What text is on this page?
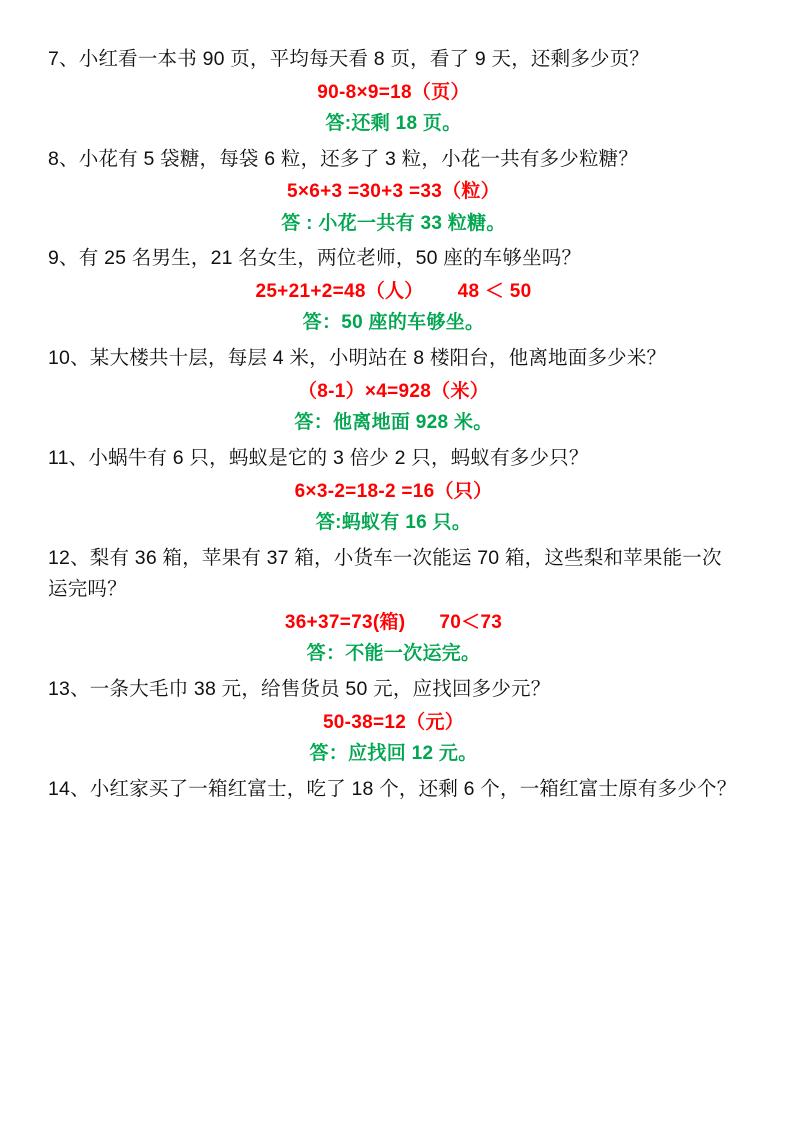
7、小红看一本书 90 页，平均每天看 8 页，看了 9 天，还剩多少页？

90-8×9=18（页）

答:还剩 18 页。

8、小花有 5 袋糖，每袋 6 粒，还多了 3 粒，小花一共有多少粒糖？

5×6+3 =30+3 =33（粒）

答 : 小花一共有 33 粒糖。

9、有 25 名男生，21 名女生，两位老师，50 座的车够坐吗？

25+21+2=48（人） 48 ＜ 50

答：50 座的车够坐。

10、某大楼共十层，每层 4 米，小明站在 8 楼阳台，他离地面多少米？

（8-1）×4=928（米）

答：他离地面 928 米。

11、小蜗牛有 6 只，蚂蚁是它的 3 倍少 2 只，蚂蚁有多少只？

6×3-2=18-2 =16（只）

答:蚂蚁有 16 只。

12、梨有 36 箱，苹果有 37 箱，小货车一次能运 70 箱，这些梨和苹果能一次运完吗？

36+37=73(箱) 70＜73

答：不能一次运完。

13、一条大毛巾 38 元，给售货员 50 元，应找回多少元？

50-38=12（元）

答：应找回 12 元。

14、小红家买了一箱红富士，吃了 18 个，还剩 6 个，一箱红富士原有多少个？
